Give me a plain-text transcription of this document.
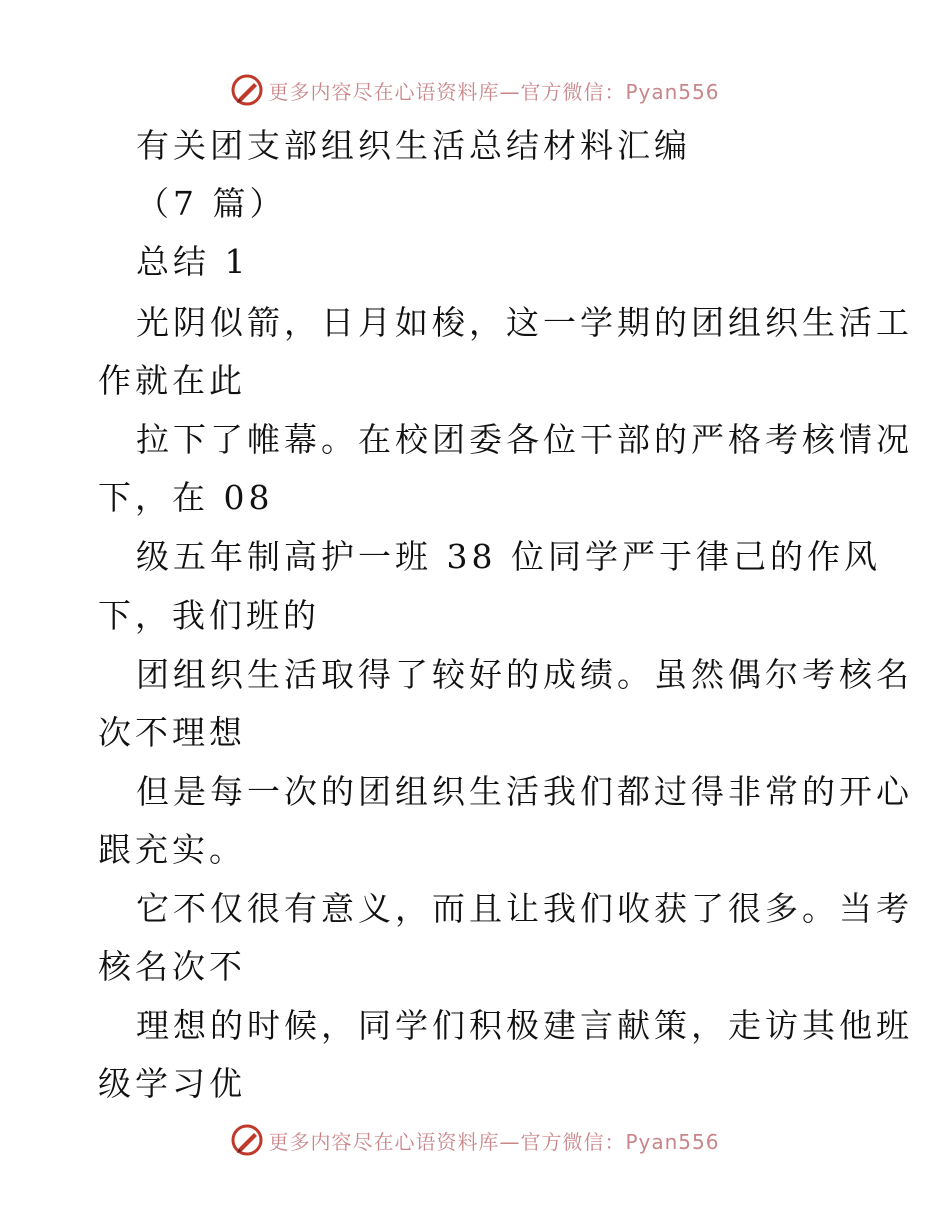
更多内容尽在心语资料库—官方微信：Pyan556
有关团支部组织生活总结材料汇编
（7 篇）
总结 1
光阴似箭，日月如梭，这一学期的团组织生活工
作就在此
拉下了帷幕。在校团委各位干部的严格考核情况
下，在 08
级五年制高护一班 38 位同学严于律己的作风
下，我们班的
团组织生活取得了较好的成绩。虽然偶尔考核名
次不理想
但是每一次的团组织生活我们都过得非常的开心
跟充实。
它不仅很有意义，而且让我们收获了很多。当考
核名次不
理想的时候，同学们积极建言献策，走访其他班
级学习优
更多内容尽在心语资料库—官方微信：Pyan556
